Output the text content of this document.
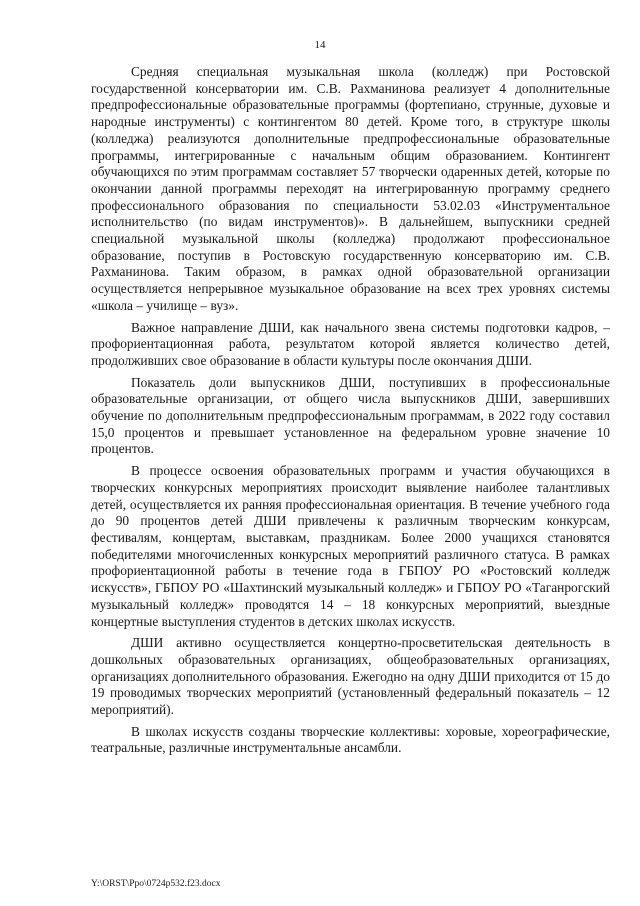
14

Средняя специальная музыкальная школа (колледж) при Ростовской государственной консерватории им. С.В. Рахманинова реализует 4 дополнительные предпрофессиональные образовательные программы (фортепиано, струнные, духовые и народные инструменты) с контингентом 80 детей. Кроме того, в структуре школы (колледжа) реализуются дополнительные предпрофессиональные образовательные программы, интегрированные с начальным общим образованием. Контингент обучающихся по этим программам составляет 57 творчески одаренных детей, которые по окончании данной программы переходят на интегрированную программу среднего профессионального образования по специальности 53.02.03 «Инструментальное исполнительство (по видам инструментов)». В дальнейшем, выпускники средней специальной музыкальной школы (колледжа) продолжают профессиональное образование, поступив в Ростовскую государственную консерваторию им. С.В. Рахманинова. Таким образом, в рамках одной образовательной организации осуществляется непрерывное музыкальное образование на всех трех уровнях системы «школа – училище – вуз».

Важное направление ДШИ, как начального звена системы подготовки кадров, – профориентационная работа, результатом которой является количество детей, продолживших свое образование в области культуры после окончания ДШИ.

Показатель доли выпускников ДШИ, поступивших в профессиональные образовательные организации, от общего числа выпускников ДШИ, завершивших обучение по дополнительным предпрофессиональным программам, в 2022 году составил 15,0 процентов и превышает установленное на федеральном уровне значение 10 процентов.

В процессе освоения образовательных программ и участия обучающихся в творческих конкурсных мероприятиях происходит выявление наиболее талантливых детей, осуществляется их ранняя профессиональная ориентация. В течение учебного года до 90 процентов детей ДШИ привлечены к различным творческим конкурсам, фестивалям, концертам, выставкам, праздникам. Более 2000 учащихся становятся победителями многочисленных конкурсных мероприятий различного статуса. В рамках профориентационной работы в течение года в ГБПОУ РО «Ростовский колледж искусств», ГБПОУ РО «Шахтинский музыкальный колледж» и ГБПОУ РО «Таганрогский музыкальный колледж» проводятся 14 – 18 конкурсных мероприятий, выездные концертные выступления студентов в детских школах искусств.

ДШИ активно осуществляется концертно-просветительская деятельность в дошкольных образовательных организациях, общеобразовательных организациях, организациях дополнительного образования. Ежегодно на одну ДШИ приходится от 15 до 19 проводимых творческих мероприятий (установленный федеральный показатель – 12 мероприятий).

В школах искусств созданы творческие коллективы: хоровые, хореографические, театральные, различные инструментальные ансамбли.

Y:\ORST\Ppo\0724p532.f23.docx
